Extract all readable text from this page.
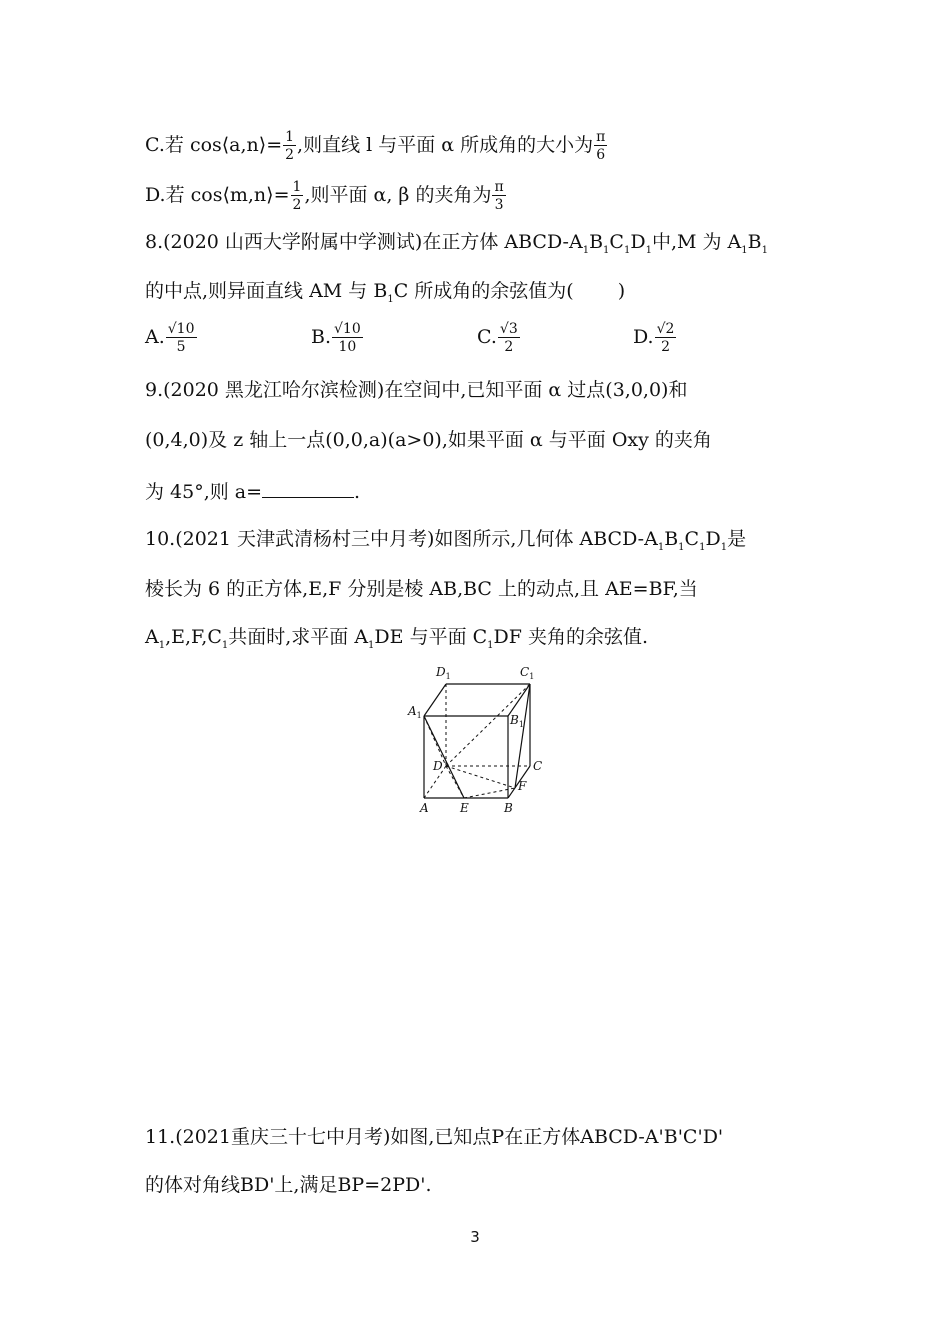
C.若 cos⟨a,n⟩= $\frac{1}{2}$ ,则直线 l 与平面 α 所成角的大小为 $\frac{\pi}{6}$
D.若 cos⟨m,n⟩= $\frac{1}{2}$ ,则平面 α, β 的夹角为 $\frac{\pi}{3}$
8.(2020 山西大学附属中学测试)在正方体 ABCD-$A_1B_1C_1D_1$中,M 为 $A_1B_1$
的中点,则异面直线 AM 与 $B_1C$ 所成角的余弦值为( )
A. $\frac{√10}{5}$	B. $\frac{√10}{10}$	C. $\frac{√3}{2}$	D. $\frac{√2}{2}$
9.(2020 黑龙江哈尔滨检测)在空间中,已知平面 α 过点(3,0,0)和
(0,4,0)及 z 轴上一点(0,0,a)(a>0),如果平面 α 与平面 Oxy 的夹角
为 45°,则 a=	.
10.(2021 天津武清杨村三中月考)如图所示,几何体 ABCD-$A_1B_1C_1D_1$是
棱长为 6 的正方体,E,F 分别是棱 AB,BC 上的动点,且 AE=BF,当
$A_1,E,F,C_1$共面时,求平面 $A_1DE$ 与平面 $C_1DF$ 夹角的余弦值.
$D_1$	$C_1$
$A_1$	$B_1$
D	C
F
A	E	B
11.(2021重庆三十七中月考)如图,已知点P在正方体ABCD-A'B'C'D'
的体对角线BD'上,满足BP=2PD'.
3
